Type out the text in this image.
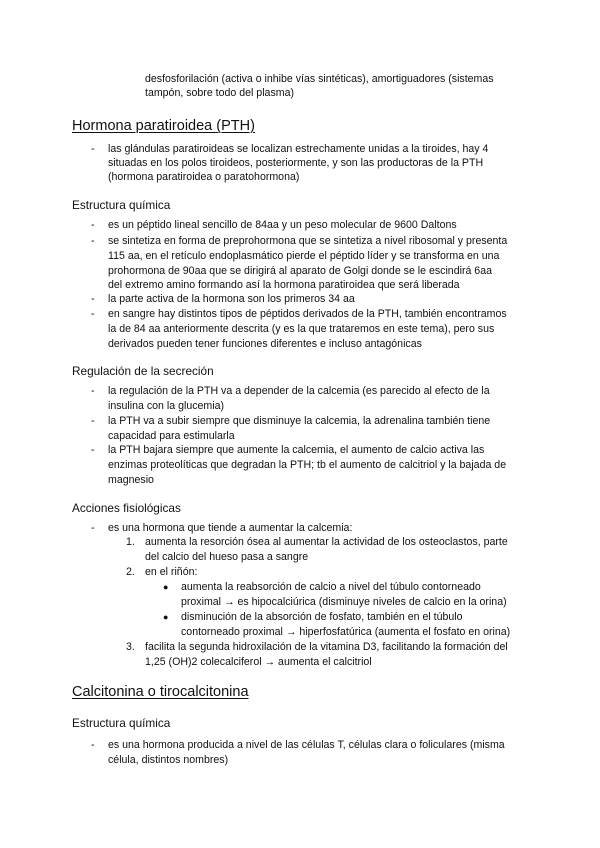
desfosforilación (activa o inhibe vías sintéticas), amortiguadores (sistemas
tampón, sobre todo del plasma)
Hormona paratiroidea (PTH)
- las glándulas paratiroideas se localizan estrechamente unidas a la tiroides, hay 4
situadas en los polos tiroideos, posteriormente, y son las productoras de la PTH
(hormona paratiroidea o paratohormona)
Estructura química
- es un péptido lineal sencillo de 84aa y un peso molecular de 9600 Daltons
- se sintetiza en forma de preprohormona que se sintetiza a nivel ribosomal y presenta
115 aa, en el retículo endoplasmático pierde el péptido líder y se transforma en una
prohormona de 90aa que se dirigirá al aparato de Golgi donde se le escindirá 6aa
del extremo amino formando así la hormona paratiroidea que será liberada
- la parte activa de la hormona son los primeros 34 aa
- en sangre hay distintos tipos de péptidos derivados de la PTH, también encontramos
la de 84 aa anteriormente descrita (y es la que trataremos en este tema), pero sus
derivados pueden tener funciones diferentes e incluso antagónicas
Regulación de la secreción
- la regulación de la PTH va a depender de la calcemia (es parecido al efecto de la
insulina con la glucemia)
- la PTH va a subir siempre que disminuye la calcemia, la adrenalina también tiene
capacidad para estimularla
- la PTH bajara siempre que aumente la calcemia, el aumento de calcio activa las
enzimas proteolíticas que degradan la PTH; tb el aumento de calcitriol y la bajada de
magnesio
Acciones fisiológicas
- es una hormona que tiende a aumentar la calcemia:
1. aumenta la resorción ósea al aumentar la actividad de los osteoclastos, parte
del calcio del hueso pasa a sangre
2. en el riñón:
● aumenta la reabsorción de calcio a nivel del túbulo contorneado
proximal → es hipocalciúrica (disminuye niveles de calcio en la orina)
● disminución de la absorción de fosfato, también en el túbulo
contorneado proximal → hiperfosfatúrica (aumenta el fosfato en orina)
3. facilita la segunda hidroxilación de la vitamina D3, facilitando la formación del
1,25 (OH)2 colecalciferol → aumenta el calcitriol
Calcitonina o tirocalcitonina
Estructura química
- es una hormona producida a nivel de las células T, células clara o foliculares (misma
célula, distintos nombres)
